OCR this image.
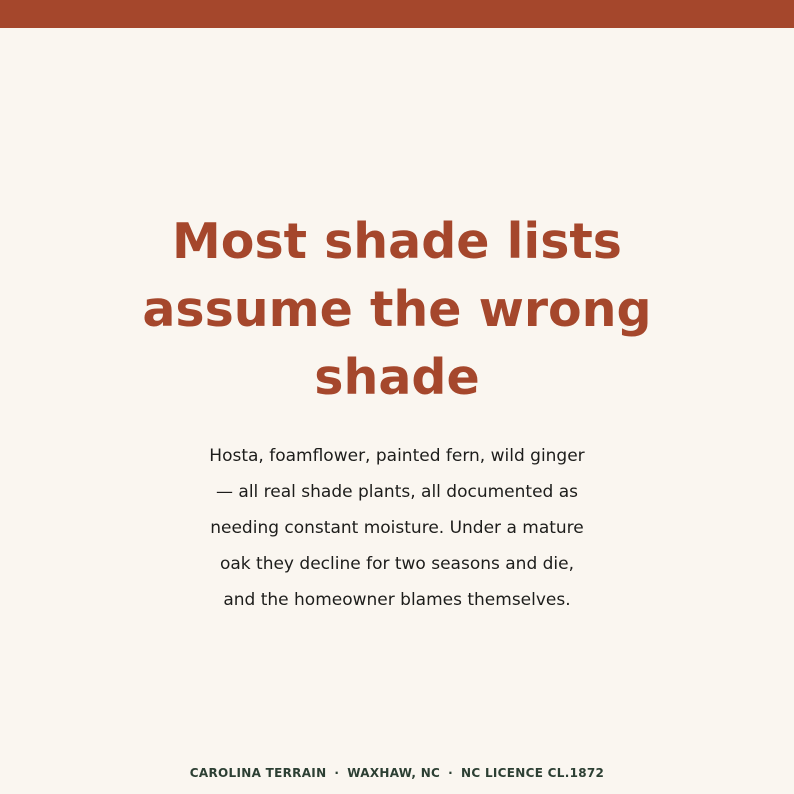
Most shade lists
assume the wrong
shade
Hosta, foamflower, painted fern, wild ginger
— all real shade plants, all documented as
needing constant moisture. Under a mature
oak they decline for two seasons and die,
and the homeowner blames themselves.
CAROLINA TERRAIN · WAXHAW, NC · NC LICENCE CL.1872
